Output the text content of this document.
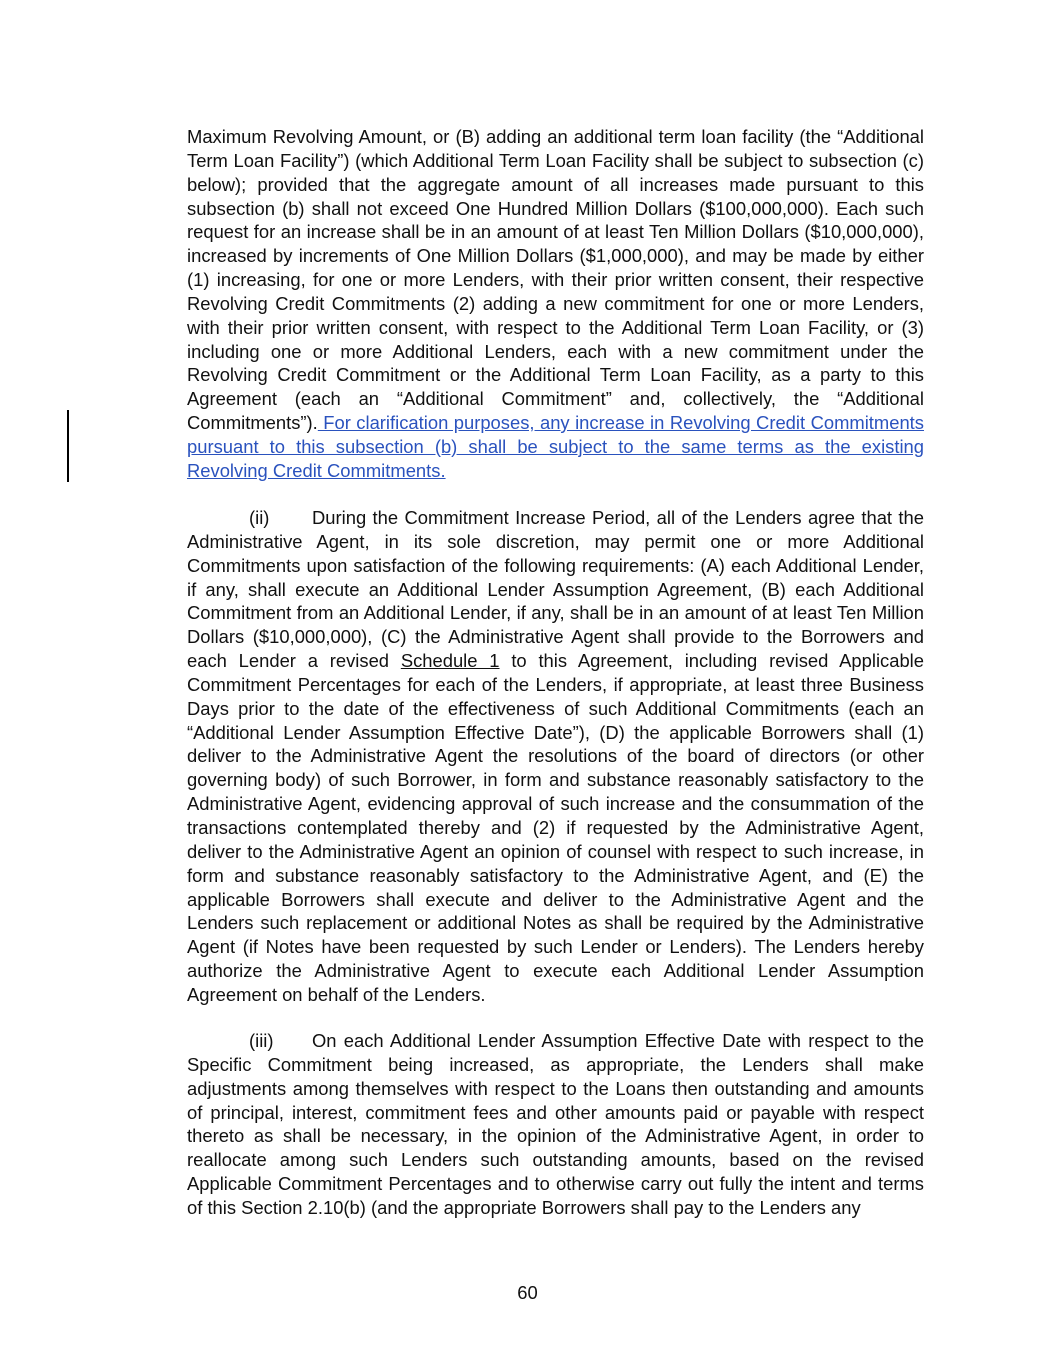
Maximum Revolving Amount, or (B) adding an additional term loan facility (the “Additional Term Loan Facility”) (which Additional Term Loan Facility shall be subject to subsection (c) below); provided that the aggregate amount of all increases made pursuant to this subsection (b) shall not exceed One Hundred Million Dollars ($100,000,000). Each such request for an increase shall be in an amount of at least Ten Million Dollars ($10,000,000), increased by increments of One Million Dollars ($1,000,000), and may be made by either (1) increasing, for one or more Lenders, with their prior written consent, their respective Revolving Credit Commitments (2) adding a new commitment for one or more Lenders, with their prior written consent, with respect to the Additional Term Loan Facility, or (3) including one or more Additional Lenders, each with a new commitment under the Revolving Credit Commitment or the Additional Term Loan Facility, as a party to this Agreement (each an “Additional Commitment” and, collectively, the “Additional Commitments”). For clarification purposes, any increase in Revolving Credit Commitments pursuant to this subsection (b) shall be subject to the same terms as the existing Revolving Credit Commitments.
(ii) During the Commitment Increase Period, all of the Lenders agree that the Administrative Agent, in its sole discretion, may permit one or more Additional Commitments upon satisfaction of the following requirements: (A) each Additional Lender, if any, shall execute an Additional Lender Assumption Agreement, (B) each Additional Commitment from an Additional Lender, if any, shall be in an amount of at least Ten Million Dollars ($10,000,000), (C) the Administrative Agent shall provide to the Borrowers and each Lender a revised Schedule 1 to this Agreement, including revised Applicable Commitment Percentages for each of the Lenders, if appropriate, at least three Business Days prior to the date of the effectiveness of such Additional Commitments (each an “Additional Lender Assumption Effective Date”), (D) the applicable Borrowers shall (1) deliver to the Administrative Agent the resolutions of the board of directors (or other governing body) of such Borrower, in form and substance reasonably satisfactory to the Administrative Agent, evidencing approval of such increase and the consummation of the transactions contemplated thereby and (2) if requested by the Administrative Agent, deliver to the Administrative Agent an opinion of counsel with respect to such increase, in form and substance reasonably satisfactory to the Administrative Agent, and (E) the applicable Borrowers shall execute and deliver to the Administrative Agent and the Lenders such replacement or additional Notes as shall be required by the Administrative Agent (if Notes have been requested by such Lender or Lenders). The Lenders hereby authorize the Administrative Agent to execute each Additional Lender Assumption Agreement on behalf of the Lenders.
(iii) On each Additional Lender Assumption Effective Date with respect to the Specific Commitment being increased, as appropriate, the Lenders shall make adjustments among themselves with respect to the Loans then outstanding and amounts of principal, interest, commitment fees and other amounts paid or payable with respect thereto as shall be necessary, in the opinion of the Administrative Agent, in order to reallocate among such Lenders such outstanding amounts, based on the revised Applicable Commitment Percentages and to otherwise carry out fully the intent and terms of this Section 2.10(b) (and the appropriate Borrowers shall pay to the Lenders any
60
